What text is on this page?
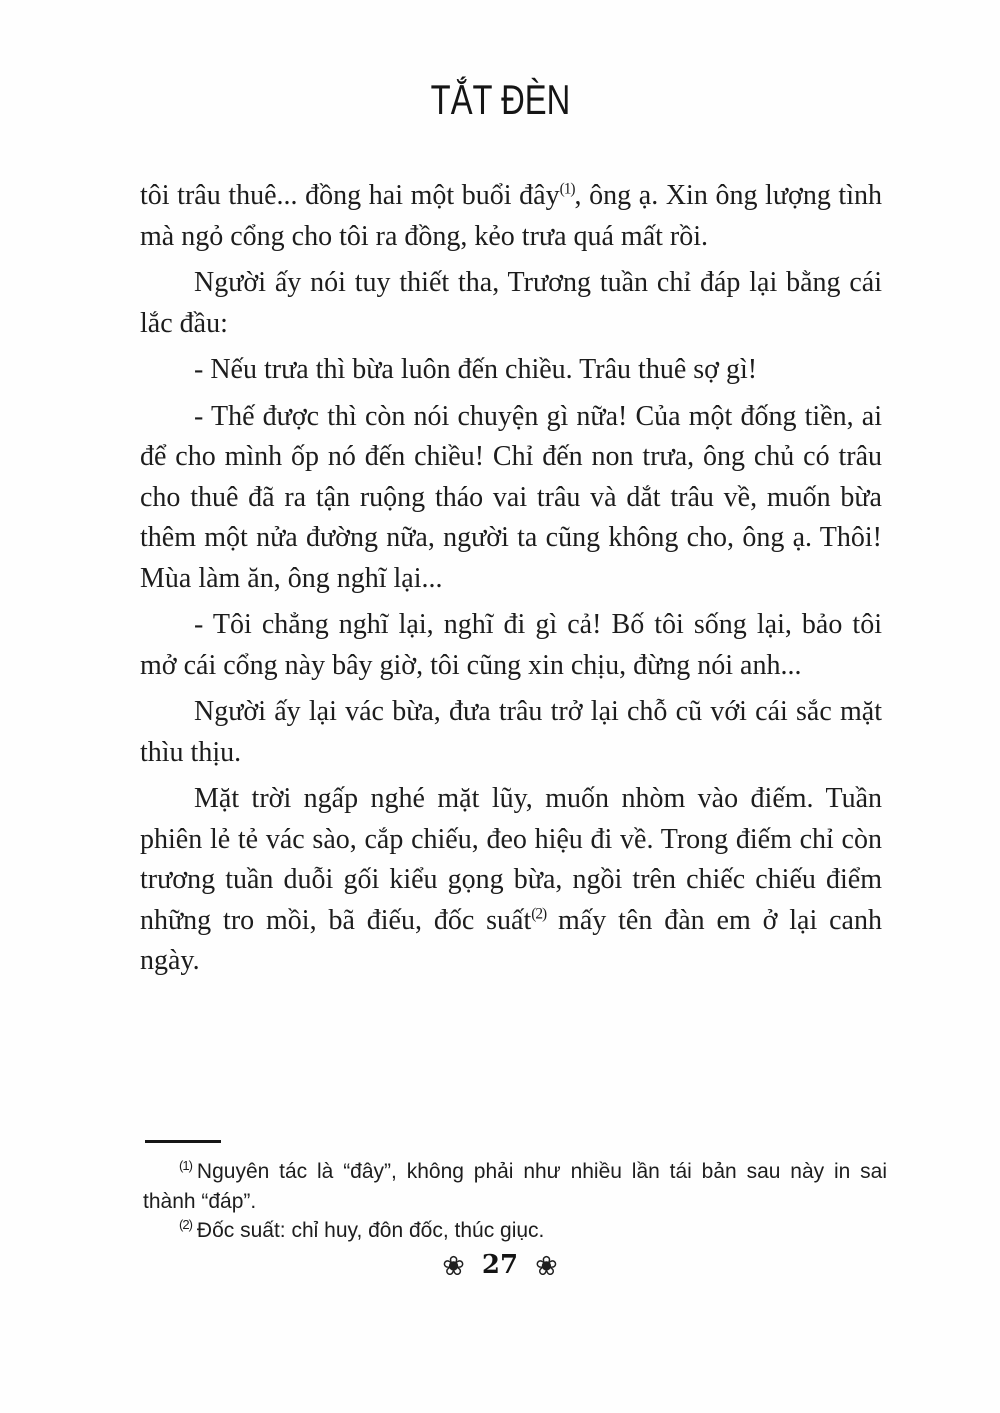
TẮT ĐÈN

tôi trâu thuê... đồng hai một buổi đây$^{(1)}$, ông ạ. Xin ông lượng tình mà ngỏ cổng cho tôi ra đồng, kẻo trưa quá mất rồi.

Người ấy nói tuy thiết tha, Trương tuần chỉ đáp lại bằng cái lắc đầu:

- Nếu trưa thì bừa luôn đến chiều. Trâu thuê sợ gì!

- Thế được thì còn nói chuyện gì nữa! Của một đống tiền, ai để cho mình ốp nó đến chiều! Chỉ đến non trưa, ông chủ có trâu cho thuê đã ra tận ruộng tháo vai trâu và dắt trâu về, muốn bừa thêm một nửa đường nữa, người ta cũng không cho, ông ạ. Thôi! Mùa làm ăn, ông nghĩ lại...

- Tôi chẳng nghĩ lại, nghĩ đi gì cả! Bố tôi sống lại, bảo tôi mở cái cổng này bây giờ, tôi cũng xin chịu, đừng nói anh...

Người ấy lại vác bừa, đưa trâu trở lại chỗ cũ với cái sắc mặt thìu thịu.

Mặt trời ngấp nghé mặt lũy, muốn nhòm vào điếm. Tuần phiên lẻ tẻ vác sào, cắp chiếu, đeo hiệu đi về. Trong điếm chỉ còn trương tuần duỗi gối kiểu gọng bừa, ngồi trên chiếc chiếu điểm những tro mồi, bã điếu, đốc suất$^{(2)}$ mấy tên đàn em ở lại canh ngày.

$^{(1)}$ Nguyên tác là “đây”, không phải như nhiều lần tái bản sau này in sai thành “đáp”.

$^{(2)}$ Đốc suất: chỉ huy, đôn đốc, thúc giục.

❀ 27 ❀
